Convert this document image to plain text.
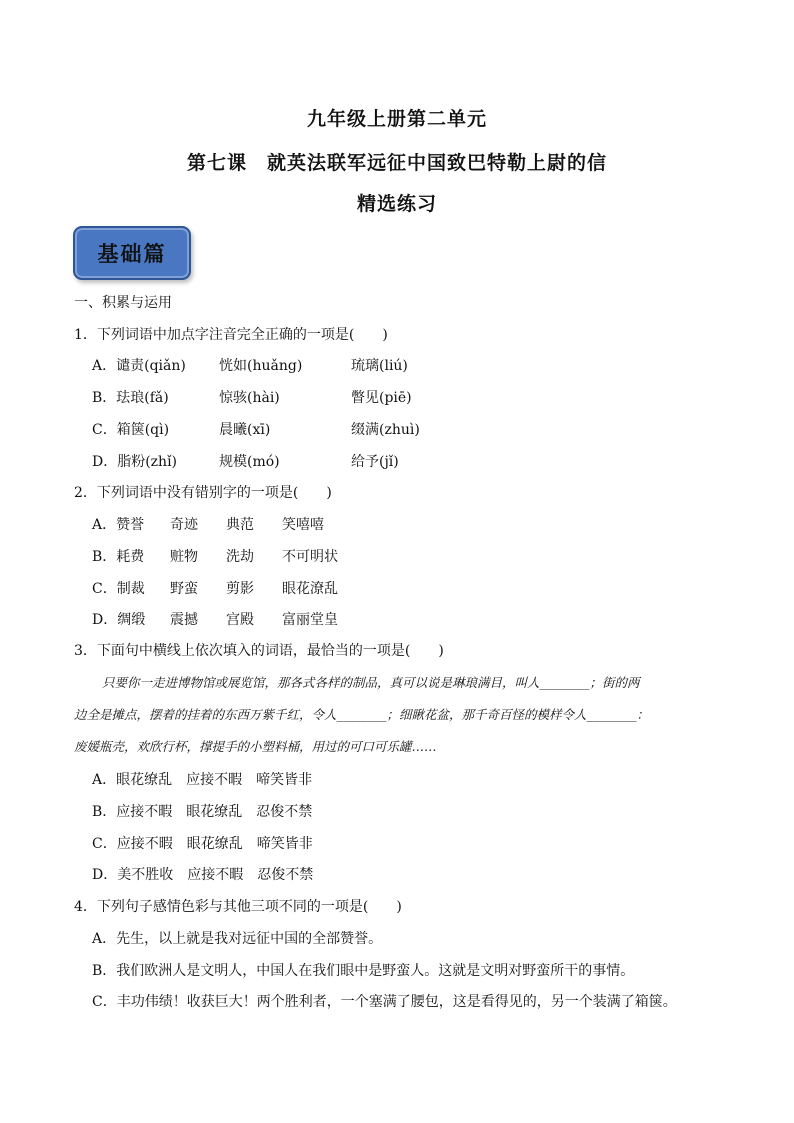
九年级上册第二单元
第七课　就英法联军远征中国致巴特勒上尉的信
精选练习
基础篇
一、积累与运用
1．下列词语中加点字注音完全正确的一项是(　　)
A．谴责(qiǎn) 恍如(huǎng)	琉璃(liú)
B．珐琅(fǎ)	惊骇(hài)	瞥见(piē)
C．箱箧(qì)	晨曦(xī)	缀满(zhuì)
D．脂粉(zhǐ)	规模(mó)	给予(jǐ)
2．下列词语中没有错别字的一项是(　　)
A．赞誉 奇迹 典范 笑嘻嘻
B．耗费 赃物 洗劫 不可明状
C．制裁 野蛮 剪影 眼花潦乱
D．绸缎 震撼 宫殿 富丽堂皇
3．下面句中横线上依次填入的词语，最恰当的一项是(　　)
只要你一走进博物馆或展览馆，那各式各样的制品，真可以说是琳琅满目，叫人________；街的两
边全是摊点，摆着的挂着的东西万紫千红，令人________；细瞅花盆，那千奇百怪的模样令人________：
废媛瓶壳，欢欣行杯，撑提手的小塑料桶，用过的可口可乐罐……
A．眼花缭乱　应接不暇　啼笑皆非
B．应接不暇　眼花缭乱　忍俊不禁
C．应接不暇　眼花缭乱　啼笑皆非
D．美不胜收　应接不暇　忍俊不禁
4．下列句子感情色彩与其他三项不同的一项是(　　)
A．先生，以上就是我对远征中国的全部赞誉。
B．我们欧洲人是文明人，中国人在我们眼中是野蛮人。这就是文明对野蛮所干的事情。
C．丰功伟绩！收获巨大！两个胜利者，一个塞满了腰包，这是看得见的，另一个装满了箱箧。
